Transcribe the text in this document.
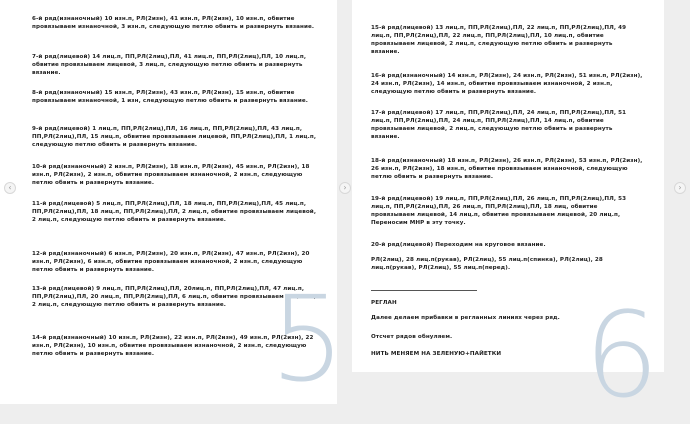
6-й ряд(изнаночный) 10 изн.п, РЛ(2изн), 41 изн.п, РЛ(2изн), 10 изн.п, обвитие провязываем изнаночной, 3 изн.п, следующую петлю обвить и развернуть вязание.

7-й ряд(лицевой) 14 лиц.п, ПП,РЛ(2лиц),ПЛ, 41 лиц.п, ПП,РЛ(2лиц),ПЛ, 10 лиц.п, обвитие провязываем лицевой, 3 лиц.п, следующую петлю обвить и развернуть вязание.

8-й ряд(изнаночный) 15 изн.п, РЛ(2изн), 43 изн.п, РЛ(2изн), 15 изн.п, обвитие провязываем изнаночной, 1 изн, следующую петлю обвить и развернуть вязание.

9-й ряд(лицевой) 1 лиц.п, ПП,РЛ(2лиц),ПЛ, 16 лиц.п, ПП,РЛ(2лиц),ПЛ, 43 лиц.п, ПП,РЛ(2лиц),ПЛ, 15 лиц.п, обвитие провязываем лицевой, ПП,РЛ(2лиц),ПЛ, 1 лиц.п, следующую петлю обвить и развернуть вязание.

10-й ряд(изнаночный) 2 изн.п, РЛ(2изн), 18 изн.п, РЛ(2изн), 45 изн.п, РЛ(2изн), 18 изн.п, РЛ(2изн), 2 изн.п, обвитие провязываем изнаночной, 2 изн.п, следующую петлю обвить и развернуть вязание.

11-й ряд(лицевой) 5 лиц.п, ПП,РЛ(2лиц),ПЛ, 18 лиц.п, ПП,РЛ(2лиц),ПЛ, 45 лиц.п, ПП,РЛ(2лиц),ПЛ, 18 лиц.п, ПП,РЛ(2лиц),ПЛ, 2 лиц.п, обвитие провязываем лицевой, 2 лиц.п, следующую петлю обвить и развернуть вязание.

12-й ряд(изнаночный) 6 изн.п, РЛ(2изн), 20 изн.п, РЛ(2изн), 47 изн.п, РЛ(2изн), 20 изн.п, РЛ(2изн), 6 изн.п, обвитие провязываем изнаночной, 2 изн.п, следующую петлю обвить и развернуть вязание.

13-й ряд(лицевой) 9 лиц.п, ПП,РЛ(2лиц),ПЛ, 20лиц.п, ПП,РЛ(2лиц),ПЛ, 47 лиц.п, ПП,РЛ(2лиц),ПЛ, 20 лиц.п, ПП,РЛ(2лиц),ПЛ, 6 лиц.п, обвитие провязываем лицевой, 2 лиц.п, следующую петлю обвить и развернуть вязание.

14-й ряд(изнаночный) 10 изн.п, РЛ(2изн), 22 изн.п, РЛ(2изн), 49 изн.п, РЛ(2изн), 22 изн.п, РЛ(2изн), 10 изн.п, обвитие провязываем изнаночной, 2 изн.п, следующую петлю обвить и развернуть вязание. 5

15-й ряд(лицевой) 13 лиц.п, ПП,РЛ(2лиц),ПЛ, 22 лиц.п, ПП,РЛ(2лиц),ПЛ, 49 лиц.п, ПП,РЛ(2лиц),ПЛ, 22 лиц.п, ПП,РЛ(2лиц),ПЛ, 10 лиц.п, обвитие провязываем лицевой, 2 лиц.п, следующую петлю обвить и развернуть вязание.

16-й ряд(изнаночный) 14 изн.п, РЛ(2изн), 24 изн.п, РЛ(2изн), 51 изн.п, РЛ(2изн), 24 изн.п, РЛ(2изн), 14 изн.п, обвитие провязываем изнаночной, 2 изн.п, следующую петлю обвить и развернуть вязание.

17-й ряд(лицевой) 17 лиц.п, ПП,РЛ(2лиц),ПЛ, 24 лиц.п, ПП,РЛ(2лиц),ПЛ, 51 лиц.п, ПП,РЛ(2лиц),ПЛ, 24 лиц.п, ПП,РЛ(2лиц),ПЛ, 14 лиц.п, обвитие провязываем лицевой, 2 лиц.п, следующую петлю обвить и развернуть вязание.

18-й ряд(изнаночный) 18 изн.п, РЛ(2изн), 26 изн.п, РЛ(2изн), 53 изн.п, РЛ(2изн), 26 изн.п, РЛ(2изн), 18 изн.п, обвитие провязываем изнаночной, следующую петлю обвить и развернуть вязание.

19-й ряд(лицевой) 19 лиц.п, ПП,РЛ(2лиц),ПЛ, 26 лиц.п, ПП,РЛ(2лиц),ПЛ, 53 лиц.п, ПП,РЛ(2лиц),ПЛ, 26 лиц.п, ПП,РЛ(2лиц),ПЛ, 18 лиц, обвитие провязываем лицевой, 14 лиц.п, обвитие провязываем лицевой, 20 лиц.п, Переносим МНР в эту точку.

20-й ряд(лицевой) Переходим на круговое вязание.

РЛ(2лиц), 28 лиц.п(рукав), РЛ(2лиц), 55 лиц.п(спинка), РЛ(2лиц), 28 лиц.п(рукав), РЛ(2лиц), 55 лиц.п(перед).

РЕГЛАН

Далее делаем прибавки в реглaнных линиях через ряд.

Отсчет рядов обнуляем.

НИТЬ МЕНЯЕМ НА ЗЕЛЕНУЮ+ПАЙЕТКИ 6
‹	›	›
